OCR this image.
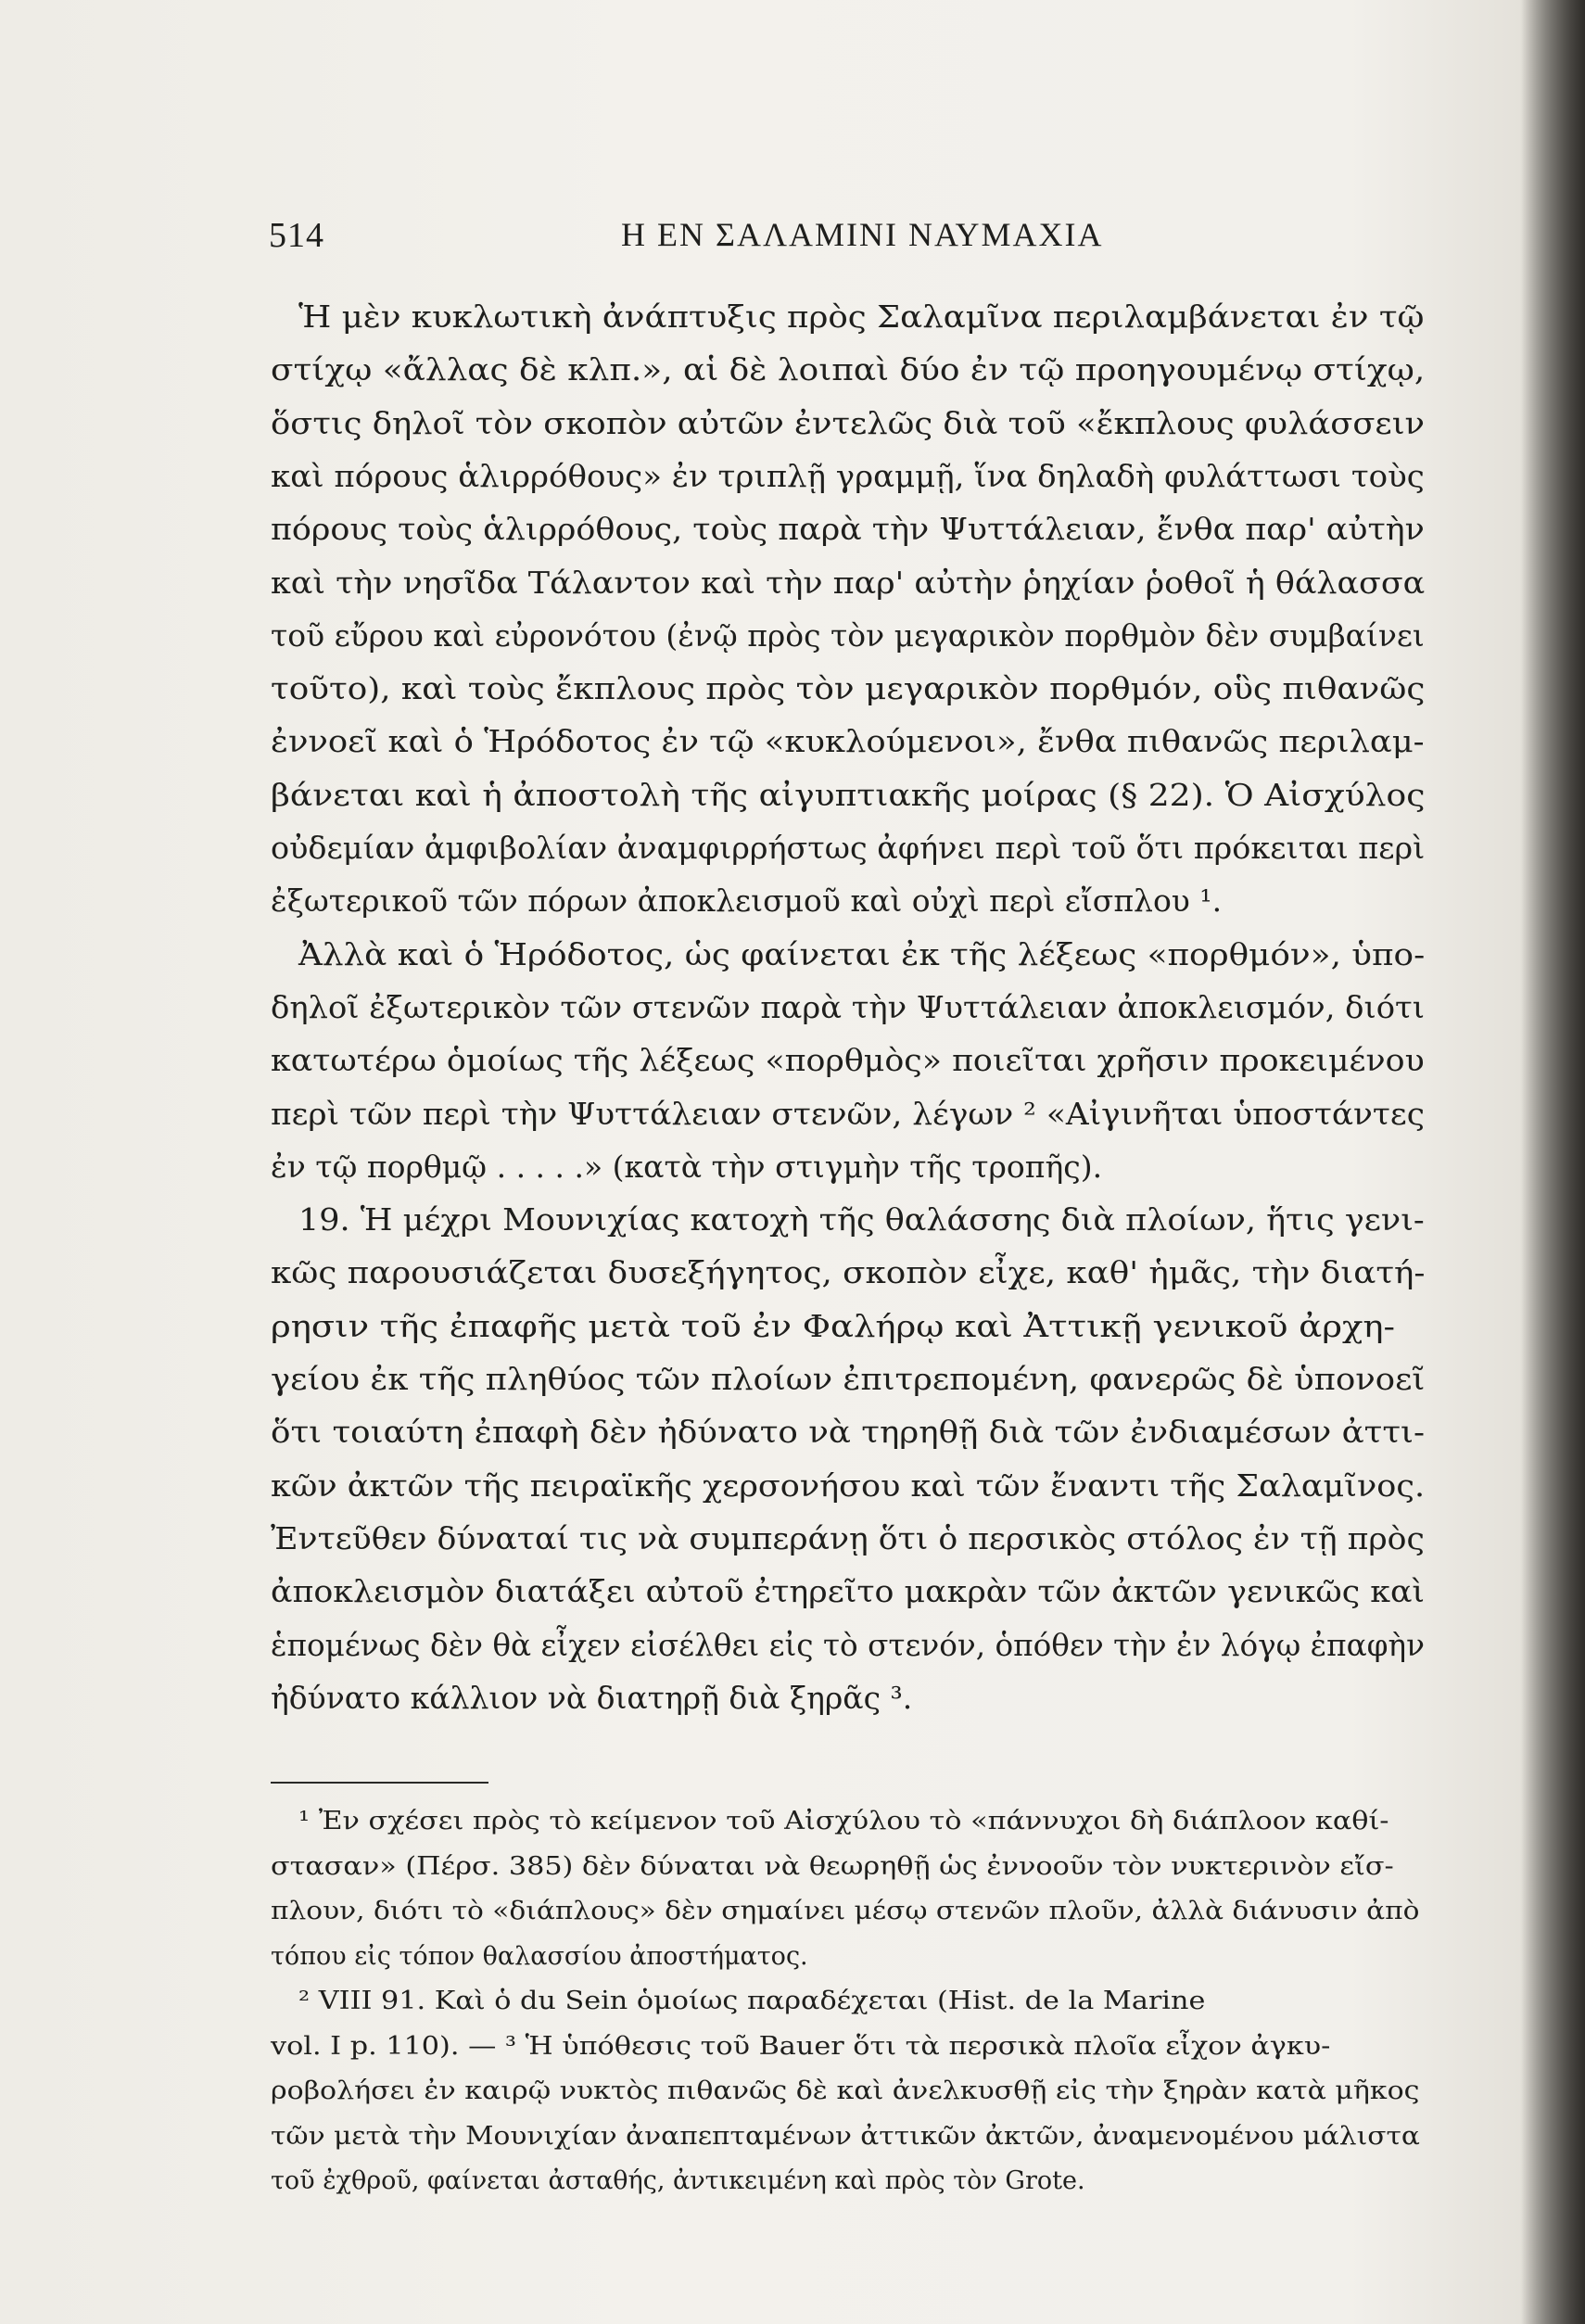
514	Η ΕΝ ΣΑΛΑΜΙΝΙ ΝΑΥΜΑΧΙΑ
Ἡ μὲν κυκλωτικὴ ἀνάπτυξις πρὸς Σαλαμῖνα περιλαμβάνεται ἐν τῷ
στίχῳ «ἄλλας δὲ κλπ.», αἱ δὲ λοιπαὶ δύο ἐν τῷ προηγουμένῳ στίχῳ,
ὅστις δηλοῖ τὸν σκοπὸν αὐτῶν ἐντελῶς διὰ τοῦ «ἔκπλους φυλάσσειν
καὶ πόρους ἁλιρρόθους» ἐν τριπλῇ γραμμῇ, ἵνα δηλαδὴ φυλάττωσι τοὺς
πόρους τοὺς ἁλιρρόθους, τοὺς παρὰ τὴν Ψυττάλειαν, ἔνθα παρ' αὐτὴν
καὶ τὴν νησῖδα Τάλαντον καὶ τὴν παρ' αὐτὴν ῥηχίαν ῥοθοῖ ἡ θάλασσα
τοῦ εὔρου καὶ εὐρονότου (ἐνῷ πρὸς τὸν μεγαρικὸν πορθμὸν δὲν συμβαίνει
τοῦτο), καὶ τοὺς ἔκπλους πρὸς τὸν μεγαρικὸν πορθμόν, οὓς πιθανῶς
ἐννοεῖ καὶ ὁ Ἡρόδοτος ἐν τῷ «κυκλούμενοι», ἔνθα πιθανῶς περιλαμ-
βάνεται καὶ ἡ ἀποστολὴ τῆς αἰγυπτιακῆς μοίρας (§ 22). Ὁ Αἰσχύλος
οὐδεμίαν ἀμφιβολίαν ἀναμφιρρήστως ἀφήνει περὶ τοῦ ὅτι πρόκειται περὶ
ἐξωτερικοῦ τῶν πόρων ἀποκλεισμοῦ καὶ οὐχὶ περὶ εἴσπλου ¹.
Ἀλλὰ καὶ ὁ Ἡρόδοτος, ὡς φαίνεται ἐκ τῆς λέξεως «πορθμόν», ὑπο-
δηλοῖ ἐξωτερικὸν τῶν στενῶν παρὰ τὴν Ψυττάλειαν ἀποκλεισμόν, διότι
κατωτέρω ὁμοίως τῆς λέξεως «πορθμὸς» ποιεῖται χρῆσιν προκειμένου
περὶ τῶν περὶ τὴν Ψυττάλειαν στενῶν, λέγων ² «Αἰγινῆται ὑποστάντες
ἐν τῷ πορθμῷ . . . . .» (κατὰ τὴν στιγμὴν τῆς τροπῆς).
19. Ἡ μέχρι Μουνιχίας κατοχὴ τῆς θαλάσσης διὰ πλοίων, ἥτις γενι-
κῶς παρουσιάζεται δυσεξήγητος, σκοπὸν εἶχε, καθ' ἡμᾶς, τὴν διατή-
ρησιν τῆς ἐπαφῆς μετὰ τοῦ ἐν Φαλήρῳ καὶ Ἀττικῇ γενικοῦ ἀρχη-
γείου ἐκ τῆς πληθύος τῶν πλοίων ἐπιτρεπομένη, φανερῶς δὲ ὑπονοεῖ
ὅτι τοιαύτη ἐπαφὴ δὲν ἠδύνατο νὰ τηρηθῇ διὰ τῶν ἐνδιαμέσων ἀττι-
κῶν ἀκτῶν τῆς πειραϊκῆς χερσονήσου καὶ τῶν ἔναντι τῆς Σαλαμῖνος.
Ἐντεῦθεν δύναταί τις νὰ συμπεράνῃ ὅτι ὁ περσικὸς στόλος ἐν τῇ πρὸς
ἀποκλεισμὸν διατάξει αὐτοῦ ἐτηρεῖτο μακρὰν τῶν ἀκτῶν γενικῶς καὶ
ἑπομένως δὲν θὰ εἶχεν εἰσέλθει εἰς τὸ στενόν, ὁπόθεν τὴν ἐν λόγῳ ἐπαφὴν
ἠδύνατο κάλλιον νὰ διατηρῇ διὰ ξηρᾶς ³.
¹ Ἐν σχέσει πρὸς τὸ κείμενον τοῦ Αἰσχύλου τὸ «πάννυχοι δὴ διάπλοον καθί-
στασαν» (Πέρσ. 385) δὲν δύναται νὰ θεωρηθῇ ὡς ἐννοοῦν τὸν νυκτερινὸν εἴσ-
πλουν, διότι τὸ «διάπλους» δὲν σημαίνει μέσῳ στενῶν πλοῦν, ἀλλὰ διάνυσιν ἀπὸ
τόπου εἰς τόπον θαλασσίου ἀποστήματος.
² VIII 91. Καὶ ὁ du Sein ὁμοίως παραδέχεται (Hist. de la Marine
vol. I p. 110). — ³ Ἡ ὑπόθεσις τοῦ Bauer ὅτι τὰ περσικὰ πλοῖα εἶχον ἀγκυ-
ροβολήσει ἐν καιρῷ νυκτὸς πιθανῶς δὲ καὶ ἀνελκυσθῇ εἰς τὴν ξηρὰν κατὰ μῆκος
τῶν μετὰ τὴν Μουνιχίαν ἀναπεπταμένων ἀττικῶν ἀκτῶν, ἀναμενομένου μάλιστα
τοῦ ἐχθροῦ, φαίνεται ἀσταθής, ἀντικειμένη καὶ πρὸς τὸν Grote.
